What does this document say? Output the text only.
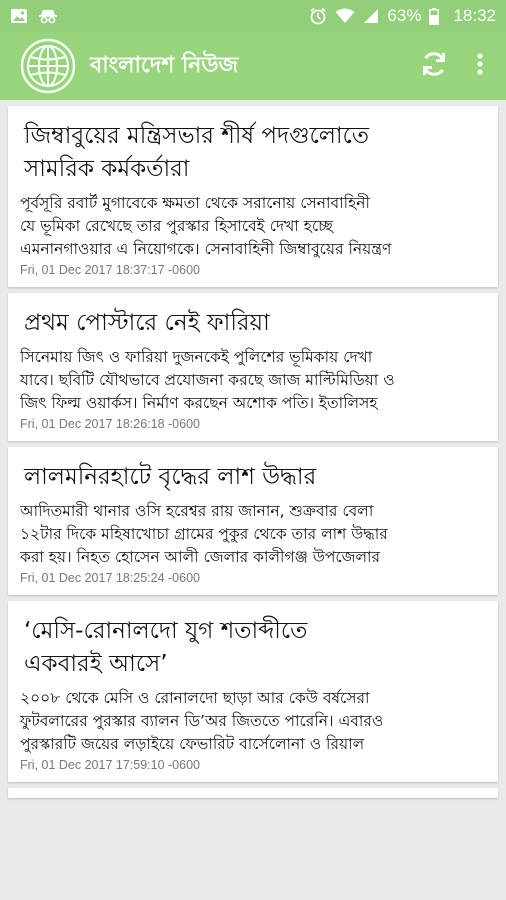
63% 18:32
বাংলাদেশ নিউজ
জিম্বাবুয়ের মন্ত্রিসভার শীর্ষ পদগুলোতে
সামরিক কর্মকর্তারা
পূর্বসূরি রবার্ট মুগাবেকে ক্ষমতা থেকে সরানোয় সেনাবাহিনী
যে ভূমিকা রেখেছে তার পুরস্কার হিসাবেই দেখা হচ্ছে
এমনানগাওয়ার এ নিয়োগকে। সেনাবাহিনী জিম্বাবুয়ের নিয়ন্ত্রণ
Fri, 01 Dec 2017 18:37:17 -0600
প্রথম পোস্টারে নেই ফারিয়া
সিনেমায় জিৎ ও ফারিয়া দুজনকেই পুলিশের ভূমিকায় দেখা
যাবে। ছবিটি যৌথভাবে প্রযোজনা করছে জাজ মাল্টিমিডিয়া ও
জিৎ ফিল্ম ওয়ার্কস। নির্মাণ করছেন অশোক পতি। ইতালিসহ
Fri, 01 Dec 2017 18:26:18 -0600
লালমনিরহাটে বৃদ্ধের লাশ উদ্ধার
আদিতমারী থানার ওসি হরেশ্বর রায় জানান, শুক্রবার বেলা
১২টার দিকে মহিষাখোচা গ্রামের পুকুর থেকে তার লাশ উদ্ধার
করা হয়। নিহত হোসেন আলী জেলার কালীগঞ্জ উপজেলার
Fri, 01 Dec 2017 18:25:24 -0600
‘মেসি-রোনালদো যুগ শতাব্দীতে
একবারই আসে’
২০০৮ থেকে মেসি ও রোনালদো ছাড়া আর কেউ বর্ষসেরা
ফুটবলারের পুরস্কার ব্যালন ডি’অর জিততে পারেনি। এবারও
পুরস্কারটি জয়ের লড়াইয়ে ফেভারিট বার্সেলোনা ও রিয়াল
Fri, 01 Dec 2017 17:59:10 -0600
